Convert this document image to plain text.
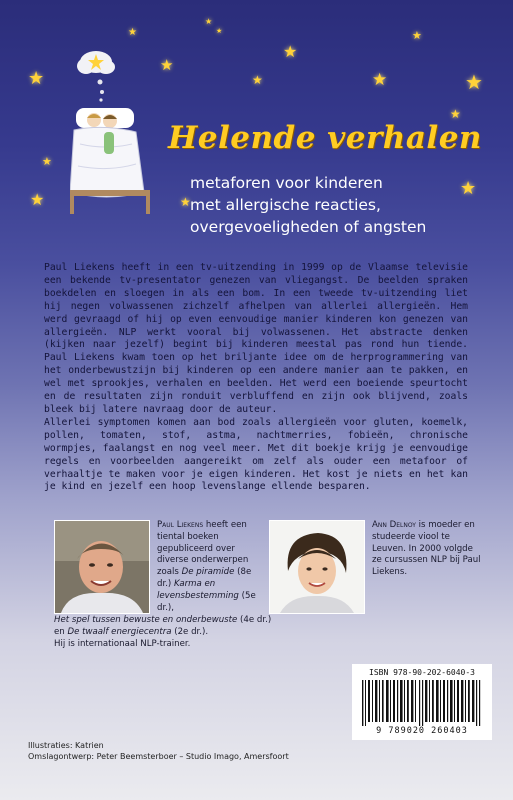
★
★
★
★
★
★
★
★
★
★
★
★
★
★
★
Helende verhalen
metaforen voor kinderen
met allergische reacties,
overgevoeligheden of angsten

Paul Liekens heeft in een tv-uitzending in 1999 op de Vlaamse televisie een bekende tv-presentator genezen van vliegangst. De beelden spraken boekdelen en sloegen in als een bom. In een tweede tv-uitzending liet hij negen volwassenen zichzelf afhelpen van allerlei allergieën. Hem werd gevraagd of hij op even eenvoudige manier kinderen kon genezen van allergieën. NLP werkt vooral bij volwassenen. Het abstracte denken (kijken naar jezelf) begint bij kinderen meestal pas rond hun tiende. Paul Liekens kwam toen op het briljante idee om de herprogrammering van het onderbewustzijn bij kinderen op een andere manier aan te pakken, en wel met sprookjes, verhalen en beelden. Het werd een boeiende speurtocht en de resultaten zijn ronduit verbluffend en zijn ook blijvend, zoals bleek bij latere navraag door de auteur.

Allerlei symptomen komen aan bod zoals allergieën voor gluten, koemelk, pollen, tomaten, stof, astma, nachtmerries, fobieën, chronische wormpjes, faalangst en nog veel meer. Met dit boekje krijg je eenvoudige regels en voorbeelden aangereikt om zelf als ouder een metafoor of verhaaltje te maken voor je eigen kinderen. Het kost je niets en het kan je kind en jezelf een hoop levenslange ellende besparen.

Paul Liekens heeft een tiental boeken gepubliceerd over diverse onderwerpen zoals De piramide (8e dr.) Karma en levensbestemming (5e dr.),
Het spel tussen bewuste en onderbewuste (4e dr.) en De twaalf energiecentra (2e dr.).
Hij is internationaal NLP-trainer.
Ann Delnoy is moeder en studeerde viool te Leuven. In 2000 volgde ze cursussen NLP bij Paul Liekens.
ISBN 978-90-202-6040-3
9 789020 260403
Illustraties: Katrien
Omslagontwerp: Peter Beemsterboer – Studio Imago, Amersfoort
